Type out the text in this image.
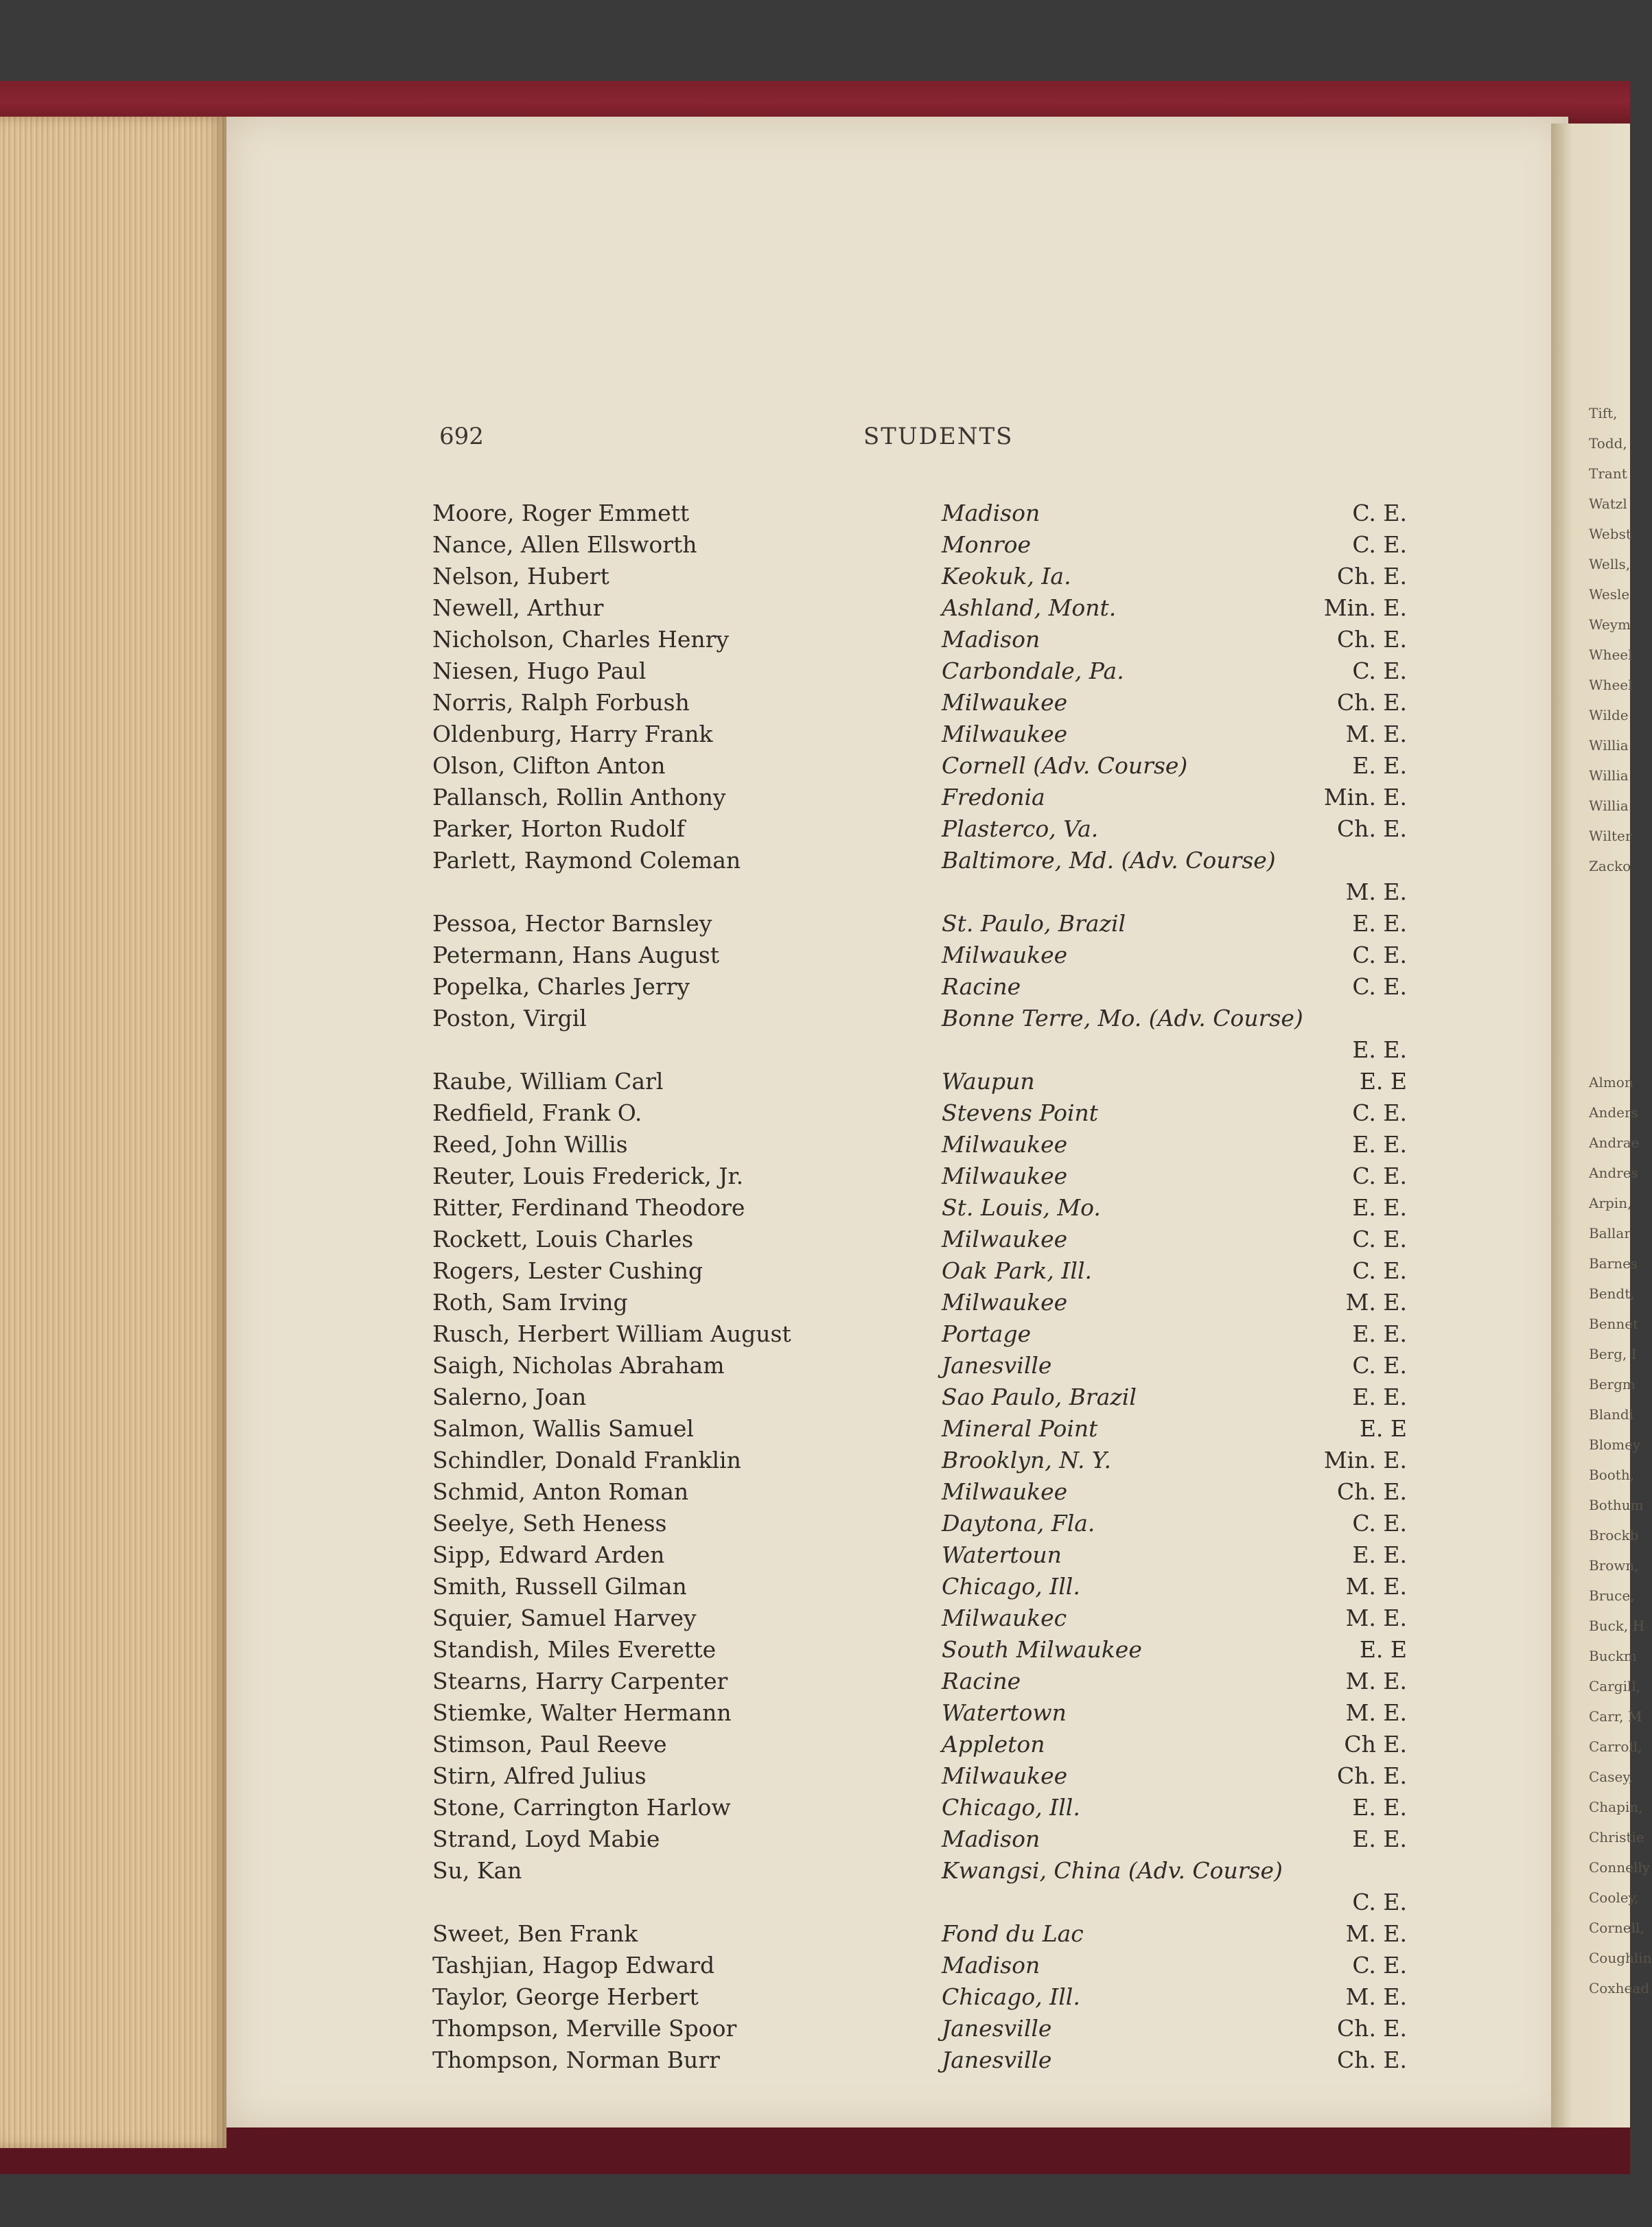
692	STUDENTS
Moore, Roger Emmett	Madison	C. E.
Nance, Allen Ellsworth	Monroe	C. E.
Nelson, Hubert	Keokuk, Ia.	Ch. E.
Newell, Arthur	Ashland, Mont.	Min. E.
Nicholson, Charles Henry	Madison	Ch. E.
Niesen, Hugo Paul	Carbondale, Pa.	C. E.
Norris, Ralph Forbush	Milwaukee	Ch. E.
Oldenburg, Harry Frank	Milwaukee	M. E.
Olson, Clifton Anton	Cornell (Adv. Course)	E. E.
Pallansch, Rollin Anthony	Fredonia	Min. E.
Parker, Horton Rudolf	Plasterco, Va.	Ch. E.
Parlett, Raymond Coleman	Baltimore, Md. (Adv. Course)
M. E.
Pessoa, Hector Barnsley	St. Paulo, Brazil	E. E.
Petermann, Hans August	Milwaukee	C. E.
Popelka, Charles Jerry	Racine	C. E.
Poston, Virgil	Bonne Terre, Mo. (Adv. Course)
E. E.
Raube, William Carl	Waupun	E. E
Redfield, Frank O.	Stevens Point	C. E.
Reed, John Willis	Milwaukee	E. E.
Reuter, Louis Frederick, Jr.	Milwaukee	C. E.
Ritter, Ferdinand Theodore	St. Louis, Mo.	E. E.
Rockett, Louis Charles	Milwaukee	C. E.
Rogers, Lester Cushing	Oak Park, Ill.	C. E.
Roth, Sam Irving	Milwaukee	M. E.
Rusch, Herbert William August	Portage	E. E.
Saigh, Nicholas Abraham	Janesville	C. E.
Salerno, Joan	Sao Paulo, Brazil	E. E.
Salmon, Wallis Samuel	Mineral Point	E. E
Schindler, Donald Franklin	Brooklyn, N. Y.	Min. E.
Schmid, Anton Roman	Milwaukee	Ch. E.
Seelye, Seth Heness	Daytona, Fla.	C. E.
Sipp, Edward Arden	Watertoun	E. E.
Smith, Russell Gilman	Chicago, Ill.	M. E.
Squier, Samuel Harvey	Milwaukec	M. E.
Standish, Miles Everette	South Milwaukee	E. E
Stearns, Harry Carpenter	Racine	M. E.
Stiemke, Walter Hermann	Watertown	M. E.
Stimson, Paul Reeve	Appleton	Ch E.
Stirn, Alfred Julius	Milwaukee	Ch. E.
Stone, Carrington Harlow	Chicago, Ill.	E. E.
Strand, Loyd Mabie	Madison	E. E.
Su, Kan	Kwangsi, China (Adv. Course)
C. E.
Sweet, Ben Frank	Fond du Lac	M. E.
Tashjian, Hagop Edward	Madison	C. E.
Taylor, George Herbert	Chicago, Ill.	M. E.
Thompson, Merville Spoor	Janesville	Ch. E.
Thompson, Norman Burr	Janesville	Ch. E.
Tift,
Todd,
Trant
Watzl
Webst
Wells,
Wesle
Weym
Wheel
Wheel
Wilde
Willia
Willia
Willia
Wilter
Zacko
Almon
Anders
Andrae
Andres
Arpin,
Ballar
Barnes
Bendt,
Bennet
Berg, I
Bergm
Blandi
Blomey
Booth,
Bothum
Brockb
Brown,
Bruce,
Buck, H
Buckm
Cargill,
Carr, M
Carroll,
Casey,
Chapin,
Christie
Connelly
Cooley,
Cornell,
Coughlin
Coxhead
